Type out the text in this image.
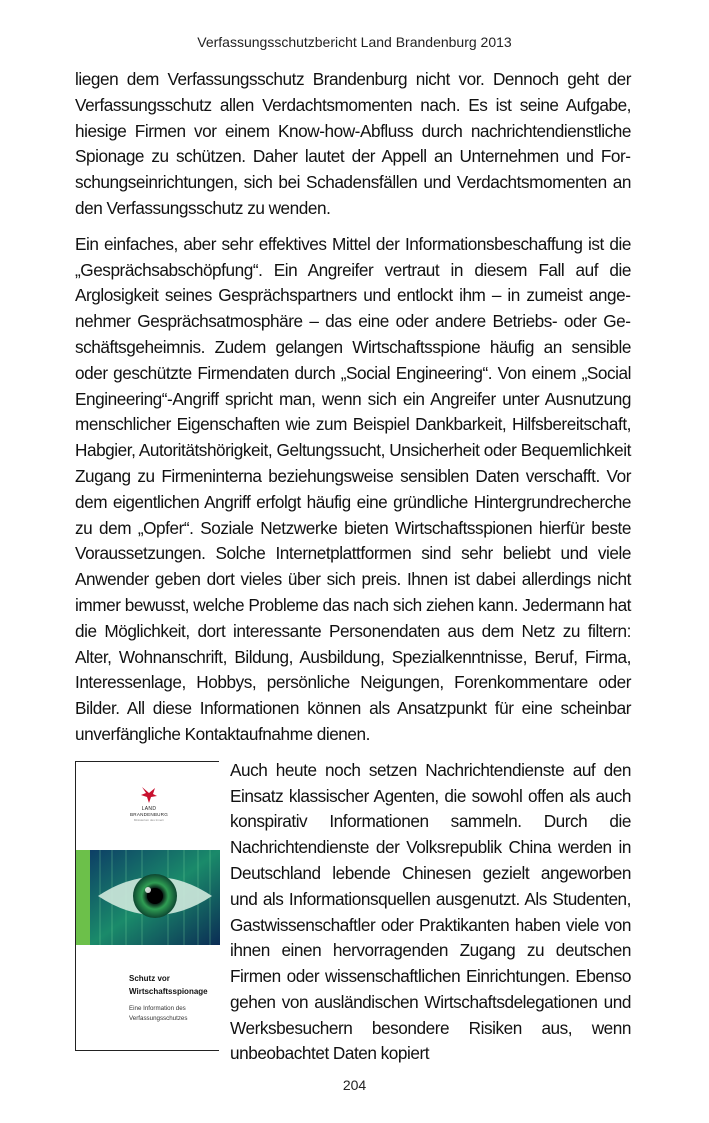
Verfassungsschutzbericht Land Brandenburg 2013

liegen dem Verfassungsschutz Brandenburg nicht vor. Dennoch geht der Verfassungsschutz allen Verdachtsmomenten nach. Es ist seine Aufgabe, hiesige Firmen vor einem Know-how-Abfluss durch nachrichtendienstliche Spionage zu schützen. Daher lautet der Appell an Unternehmen und Forschungseinrichtungen, sich bei Schadensfällen und Verdachtsmomenten an den Verfassungsschutz zu wenden.

Ein einfaches, aber sehr effektives Mittel der Informationsbeschaffung ist die „Gesprächsabschöpfung“. Ein Angreifer vertraut in diesem Fall auf die Arglosigkeit seines Gesprächspartners und entlockt ihm – in zumeist angenehmer Gesprächsatmosphäre – das eine oder andere Betriebs- oder Geschäftsgeheimnis. Zudem gelangen Wirtschaftsspione häufig an sensible oder geschützte Firmendaten durch „Social Engineering“. Von einem „Social Engineering“-Angriff spricht man, wenn sich ein Angreifer unter Ausnutzung menschlicher Eigenschaften wie zum Beispiel Dankbarkeit, Hilfsbereitschaft, Habgier, Autoritätshörigkeit, Geltungssucht, Unsicherheit oder Bequemlichkeit Zugang zu Firmeninterna beziehungsweise sensiblen Daten verschafft. Vor dem eigentlichen Angriff erfolgt häufig eine gründliche Hintergrundrecherche zu dem „Opfer“. Soziale Netzwerke bieten Wirtschaftsspionen hierfür beste Voraussetzungen. Solche Internetplattformen sind sehr beliebt und viele Anwender geben dort vieles über sich preis. Ihnen ist dabei allerdings nicht immer bewusst, welche Probleme das nach sich ziehen kann. Jedermann hat die Möglichkeit, dort interessante Personendaten aus dem Netz zu filtern: Alter, Wohnanschrift, Bildung, Ausbildung, Spezialkenntnisse, Beruf, Firma, Interessenlage, Hobbys, persönliche Neigungen, Forenkommentare oder Bilder. All diese Informationen können als Ansatzpunkt für eine scheinbar unverfängliche Kontaktaufnahme dienen.

LAND
BRANDENBURG
Ministerium des Innern
Schutz vor Wirtschaftsspionage
Eine Information des Verfassungsschutzes

Auch heute noch setzen Nachrichtendienste auf den Einsatz klassischer Agenten, die sowohl offen als auch konspirativ Informationen sammeln. Durch die Nachrichtendienste der Volksrepublik China werden in Deutschland lebende Chinesen gezielt angeworben und als Informationsquellen ausgenutzt. Als Studenten, Gastwissenschaftler oder Praktikanten haben viele von ihnen einen hervorragenden Zugang zu deutschen Firmen oder wissenschaftlichen Einrichtungen. Ebenso gehen von ausländischen Wirtschaftsdelegationen und Werksbesuchern besondere Risiken aus, wenn unbeobachtet Daten kopiert

204
